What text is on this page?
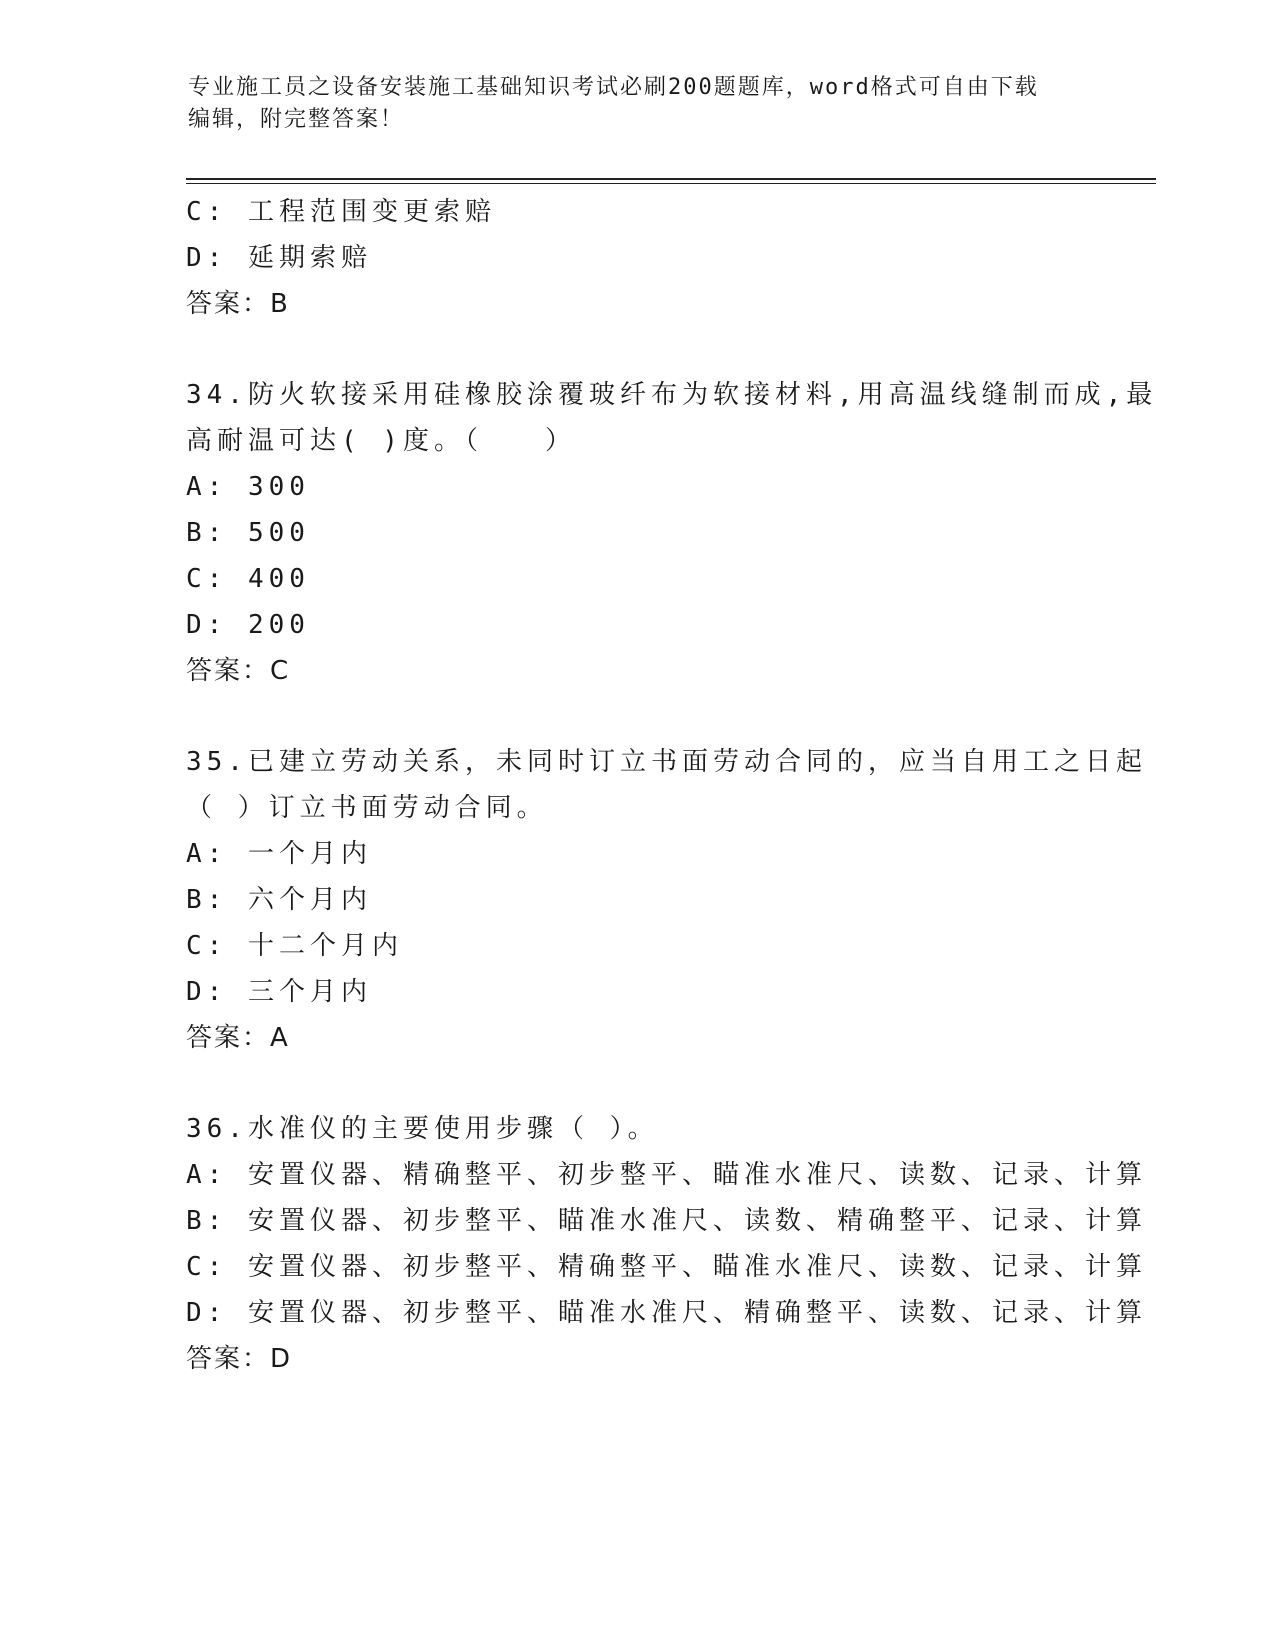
专业施工员之设备安装施工基础知识考试必刷200题题库，word格式可自由下载
编辑，附完整答案！
C: 工程范围变更索赔
D: 延期索赔
答案：B
34.防火软接采用硅橡胶涂覆玻纤布为软接材料,用高温线缝制而成,最
高耐温可达( )度。（　　）
A: 300
B: 500
C: 400
D: 200
答案：C
35.已建立劳动关系，未同时订立书面劳动合同的，应当自用工之日起
（ ）订立书面劳动合同。
A: 一个月内
B: 六个月内
C: 十二个月内
D: 三个月内
答案：A
36.水准仪的主要使用步骤（ ）。
A: 安置仪器、精确整平、初步整平、瞄准水准尺、读数、记录、计算
B: 安置仪器、初步整平、瞄准水准尺、读数、精确整平、记录、计算
C: 安置仪器、初步整平、精确整平、瞄准水准尺、读数、记录、计算
D: 安置仪器、初步整平、瞄准水准尺、精确整平、读数、记录、计算
答案：D
